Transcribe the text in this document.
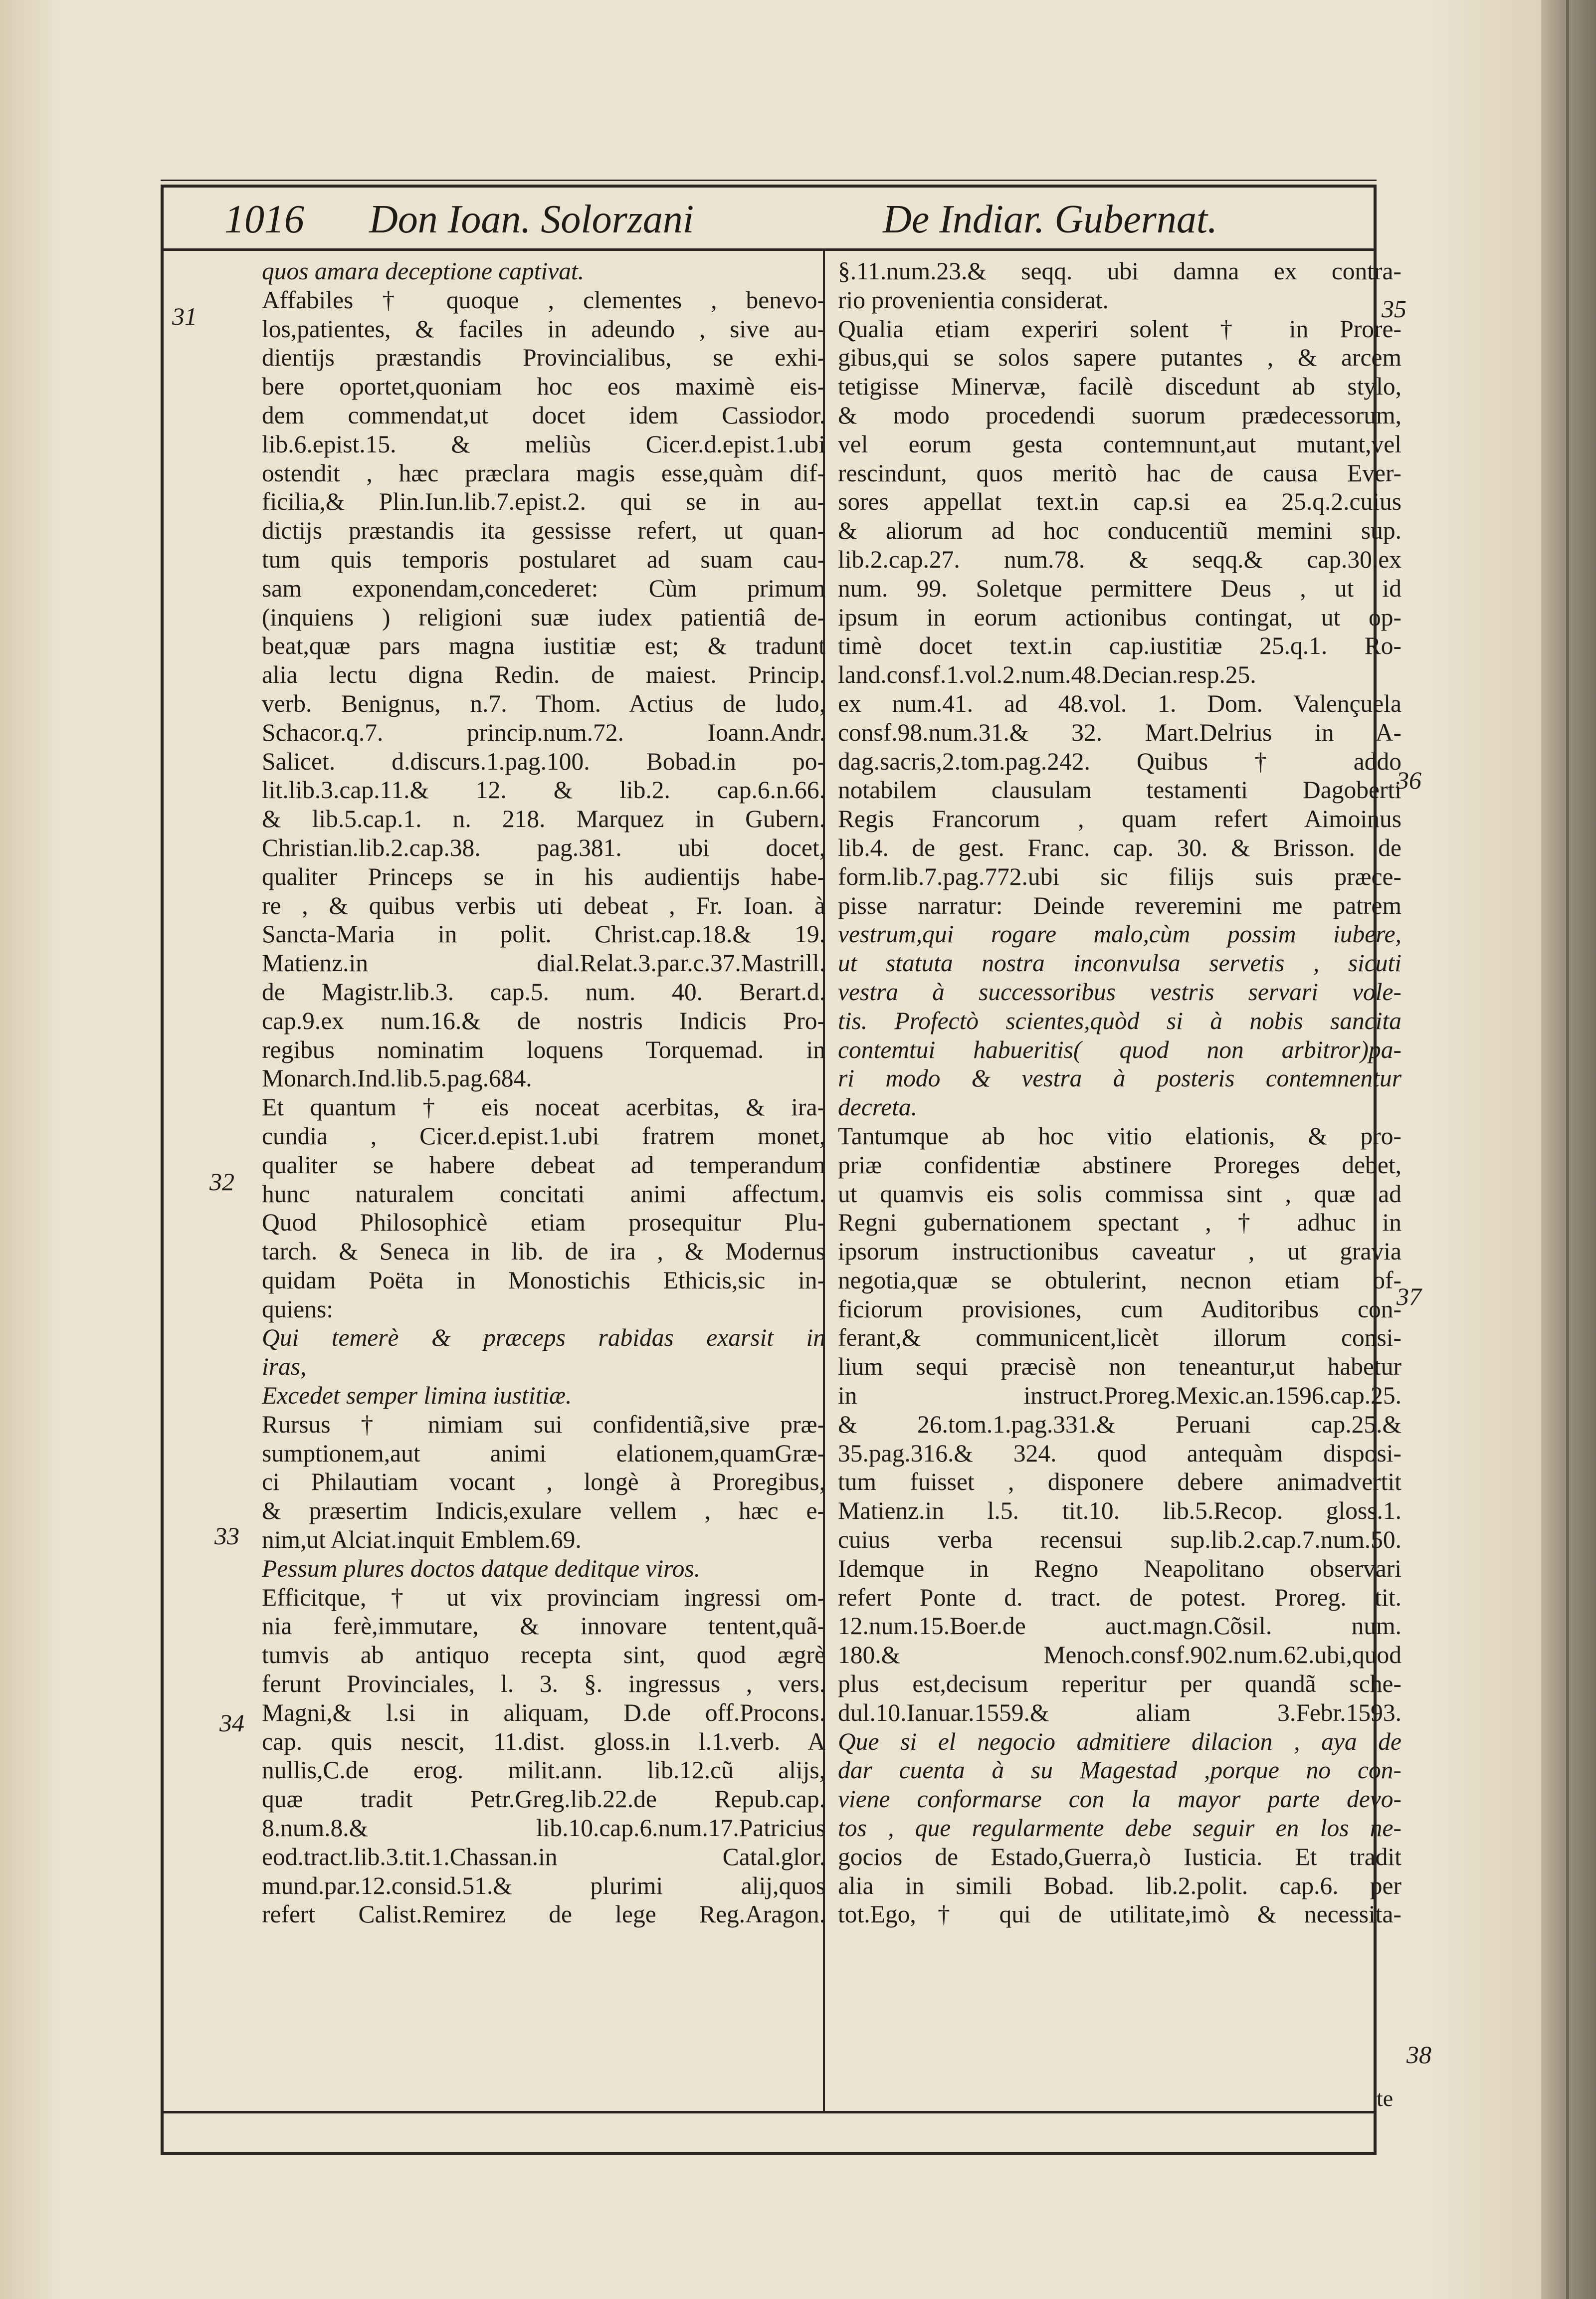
1016 Don Ioan. Solorzani	De Indiar. Gubernat.
quos amara deceptione captivat.
Affabiles † quoque , clementes , benevo-
los,patientes, & faciles in adeundo , sive au-
dientijs præstandis Provincialibus, se exhi-
bere oportet,quoniam hoc eos maximè eis-
dem commendat,ut docet idem Cassiodor.
lib.6.epist.15. & meliùs Cicer.d.epist.1.ubi
ostendit , hæc præclara magis esse,quàm dif-
ficilia,& Plin.Iun.lib.7.epist.2. qui se in au-
dictijs præstandis ita gessisse refert, ut quan-
tum quis temporis postularet ad suam cau-
sam exponendam,concederet: Cùm primum
(inquiens ) religioni suæ iudex patientiâ de-
beat,quæ pars magna iustitiæ est; & tradunt
alia lectu digna Redin. de maiest. Princip.
verb. Benignus, n.7. Thom. Actius de ludo,
Schacor.q.7. princip.num.72. Ioann.Andr.
Salicet. d.discurs.1.pag.100. Bobad.in po-
lit.lib.3.cap.11.& 12. & lib.2. cap.6.n.66.
& lib.5.cap.1. n. 218. Marquez in Gubern.
Christian.lib.2.cap.38. pag.381. ubi docet,
qualiter Princeps se in his audientijs habe-
re , & quibus verbis uti debeat , Fr. Ioan. à
Sancta-Maria in polit. Christ.cap.18.& 19.
Matienz.in dial.Relat.3.par.c.37.Mastrill.
de Magistr.lib.3. cap.5. num. 40. Berart.d.
cap.9.ex num.16.& de nostris Indicis Pro-
regibus nominatim loquens Torquemad. in
Monarch.Ind.lib.5.pag.684.
Et quantum † eis noceat acerbitas, & ira-
cundia , Cicer.d.epist.1.ubi fratrem monet,
qualiter se habere debeat ad temperandum
hunc naturalem concitati animi affectum.
Quod Philosophicè etiam prosequitur Plu-
tarch. & Seneca in lib. de ira , & Modernus
quidam Poëta in Monostichis Ethicis,sic in-
quiens:
Qui temerè & præceps rabidas exarsit in
iras,
Excedet semper limina iustitiæ.
Rursus † nimiam sui confidentiã,sive præ-
sumptionem,aut animi elationem,quamGræ-
ci Philautiam vocant , longè à Proregibus,
& præsertim Indicis,exulare vellem , hæc e-
nim,ut Alciat.inquit Emblem.69.
Pessum plures doctos datque deditque viros.
Efficitque, † ut vix provinciam ingressi om-
nia ferè,immutare, & innovare tentent,quã-
tumvis ab antiquo recepta sint, quod ægrè
ferunt Provinciales, l. 3. §. ingressus , vers.
Magni,& l.si in aliquam, D.de off.Procons.
cap. quis nescit, 11.dist. gloss.in l.1.verb. A
nullis,C.de erog. milit.ann. lib.12.cũ alijs,
quæ tradit Petr.Greg.lib.22.de Repub.cap.
8.num.8.& lib.10.cap.6.num.17.Patricius
eod.tract.lib.3.tit.1.Chassan.in Catal.glor.
mund.par.12.consid.51.& plurimi alij,quos
refert Calist.Remirez de lege Reg.Aragon.
§.11.num.23.& seqq. ubi damna ex contra-
rio provenientia considerat.
Qualia etiam experiri solent † in Prore-
gibus,qui se solos sapere putantes , & arcem
tetigisse Minervæ, facilè discedunt ab stylo,
& modo procedendi suorum prædecessorum,
vel eorum gesta contemnunt,aut mutant,vel
rescindunt, quos meritò hac de causa Ever-
sores appellat text.in cap.si ea 25.q.2.cuius
& aliorum ad hoc conducentiũ memini sup.
lib.2.cap.27. num.78. & seqq.& cap.30.ex
num. 99. Soletque permittere Deus , ut id
ipsum in eorum actionibus contingat, ut op-
timè docet text.in cap.iustitiæ 25.q.1. Ro-
land.consf.1.vol.2.num.48.Decian.resp.25.
ex num.41. ad 48.vol. 1. Dom. Valençuela
consf.98.num.31.& 32. Mart.Delrius in A-
dag.sacris,2.tom.pag.242. Quibus † addo
notabilem clausulam testamenti Dagoberti
Regis Francorum , quam refert Aimoinus
lib.4. de gest. Franc. cap. 30. & Brisson. de
form.lib.7.pag.772.ubi sic filijs suis præce-
pisse narratur: Deinde reveremini me patrem
vestrum,qui rogare malo,cùm possim iubere,
ut statuta nostra inconvulsa servetis , sicuti
vestra à successoribus vestris servari vole-
tis. Profectò scientes,quòd si à nobis sancita
contemtui habueritis( quod non arbitror)pa-
ri modo & vestra à posteris contemnentur
decreta.
Tantumque ab hoc vitio elationis, & pro-
priæ confidentiæ abstinere Proreges debet,
ut quamvis eis solis commissa sint , quæ ad
Regni gubernationem spectant , † adhuc in
ipsorum instructionibus caveatur , ut gravia
negotia,quæ se obtulerint, necnon etiam of-
ficiorum provisiones, cum Auditoribus con-
ferant,& communicent,licèt illorum consi-
lium sequi præcisè non teneantur,ut habetur
in instruct.Proreg.Mexic.an.1596.cap.25.
& 26.tom.1.pag.331.& Peruani cap.25.&
35.pag.316.& 324. quod antequàm disposi-
tum fuisset , disponere debere animadvertit
Matienz.in l.5. tit.10. lib.5.Recop. gloss.1.
cuius verba recensui sup.lib.2.cap.7.num.50.
Idemque in Regno Neapolitano observari
refert Ponte d. tract. de potest. Proreg. tit.
12.num.15.Boer.de auct.magn.Cõsil. num.
180.& Menoch.consf.902.num.62.ubi,quod
plus est,decisum reperitur per quandã sche-
dul.10.Ianuar.1559.& aliam 3.Febr.1593.
Que si el negocio admitiere dilacion , aya de
dar cuenta à su Magestad ,porque no con-
viene conformarse con la mayor parte devo-
tos , que regularmente debe seguir en los ne-
gocios de Estado,Guerra,ò Iusticia. Et tradit
alia in simili Bobad. lib.2.polit. cap.6. per
tot.Ego,† qui de utilitate,imò & necessita-
31
32
33
34
35
36
37
38
te
